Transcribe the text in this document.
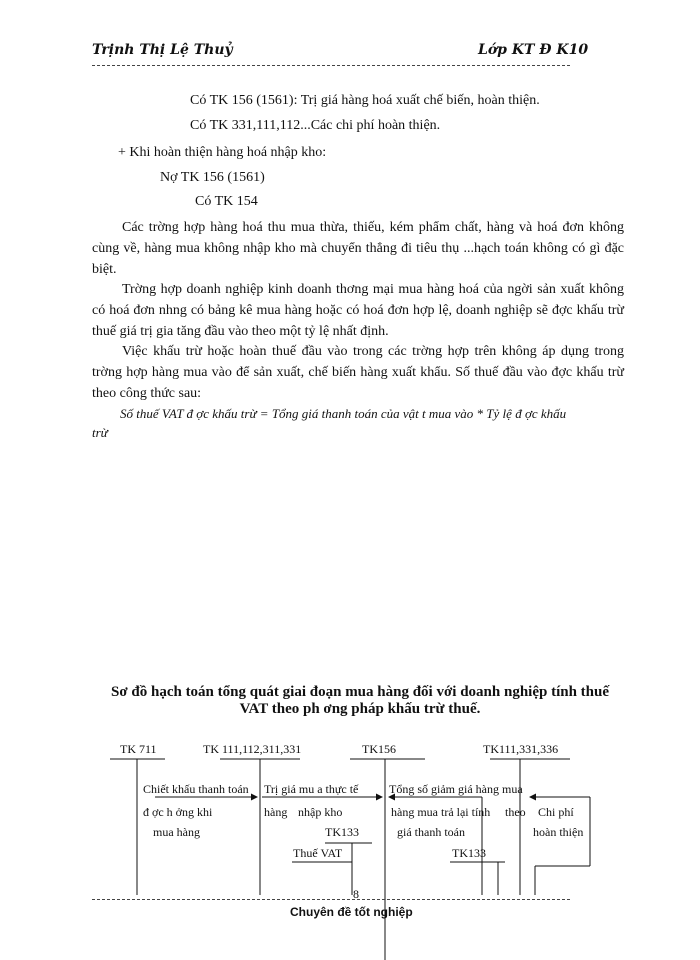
Trịnh Thị Lệ Thuỷ	Lớp KT Đ K10
Có TK 156 (1561): Trị giá hàng hoá xuất chế biến, hoàn thiện.
Có TK 331,111,112...Các chi phí hoàn thiện.
+ Khi hoàn thiện hàng hoá nhập kho:
Nợ TK 156 (1561)
Có TK 154
Các trờng hợp hàng hoá thu mua thừa, thiếu, kém phẩm chất, hàng và hoá đơn không cùng về, hàng mua không nhập kho mà chuyển thẳng đi tiêu thụ ...hạch toán không có gì đặc biệt.
Trờng hợp doanh nghiệp kinh doanh thơng mại mua hàng hoá của ngời sản xuất không có hoá đơn nhng có bảng kê mua hàng hoặc có hoá đơn hợp lệ, doanh nghiệp sẽ đợc khấu trừ thuế giá trị gia tăng đầu vào theo một tỷ lệ nhất định.
Việc khấu trừ hoặc hoàn thuế đầu vào trong các trờng hợp trên không áp dụng trong trờng hợp hàng mua vào để sản xuất, chế biến hàng xuất khẩu. Số thuế đầu vào đợc khấu trừ theo công thức sau:
Số thuế VAT đ ợc khấu trừ = Tổng giá thanh toán của vật t mua vào * Tỷ lệ đ ợc khấu
trừ
Sơ đồ hạch toán tổng quát giai đoạn mua hàng đối với doanh nghiệp tính thuế
VAT theo ph ơng pháp khấu trừ thuế.
TK 711	TK 111,112,311,331	TK156	TK111,331,336
Chiết khấu thanh toán
đ ợc h ởng khi
mua hàng
Trị giá mu a thực tế
hàng nhập kho
TK133
Thuế VAT
Tổng số giảm giá hàng mua
hàng mua trả lại tính theo
giá thanh toán
TK133
Chi phí
hoàn thiện
8
Chuyên đề tốt nghiệp
